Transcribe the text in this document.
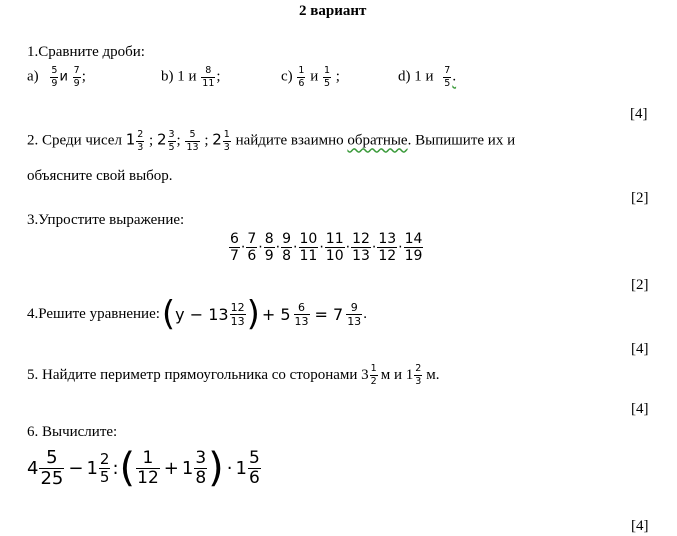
2 вариант
1.Сравните дроби:
$а) \frac{5}{9}$ и $\frac{7}{9}$ ;	b) 1 и $\frac{8}{11}$ ;	$c) \frac{1}{6}$ и $\frac{1}{5}$ ;	d) 1 и $\frac{7}{5}$ .
[4]
2. Среди чисел $1 \frac{2}{3}$ ; $2 \frac{3}{5}$ ; $\frac{5}{13}$ ; $2 \frac{1}{3}$ найдите взаимно обратные. Выпишите их и
объясните свой выбор.
[2]
3.Упростите выражение:
$\frac{6}{7} \cdot \frac{7}{6} \cdot \frac{8}{9} \cdot \frac{9}{8} \cdot \frac{10}{11} \cdot \frac{11}{10} \cdot \frac{12}{13} \cdot \frac{13}{12} \cdot \frac{14}{19}$
[2]
4.Решите уравнение: ( $y - 13 \frac{12}{13}$ ) + $5 \frac{6}{13} = 7 \frac{9}{13}$ .
[4]
5. Найдите периметр прямоугольника со сторонами $3 \frac{1}{2}$ м и $1 \frac{2}{3} м$.
[4]
6. Вычислите:
$4 \frac{5}{25} - 1 \frac{2}{5}$ : ( $\frac{1}{12} + 1 \frac{3}{8}$ ) · $1 \frac{5}{6}$
[4]
